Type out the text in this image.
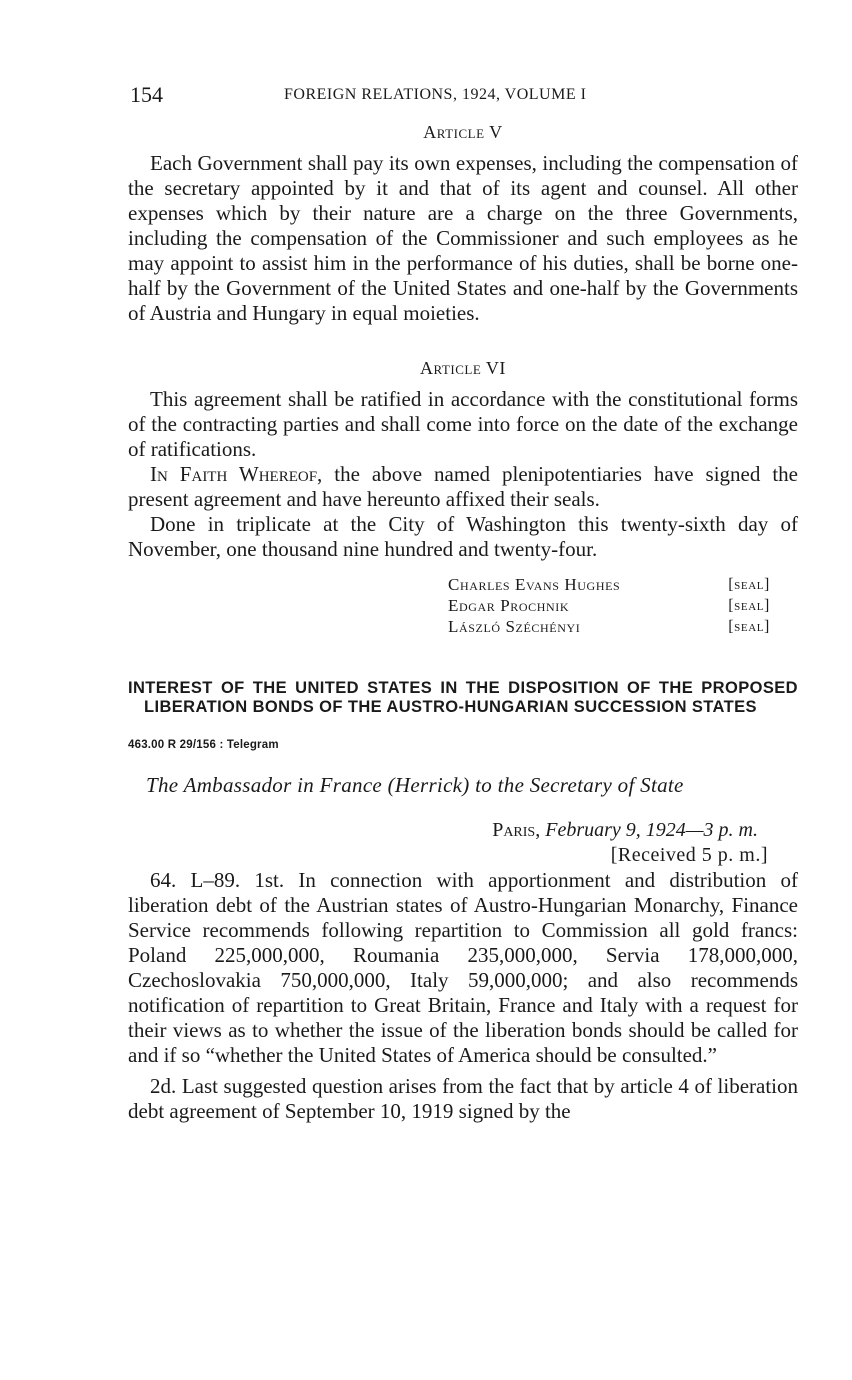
154	FOREIGN RELATIONS, 1924, VOLUME I
Article V

Each Government shall pay its own expenses, including the compensation of the secretary appointed by it and that of its agent and counsel. All other expenses which by their nature are a charge on the three Governments, including the compensation of the Commissioner and such employees as he may appoint to assist him in the performance of his duties, shall be borne one-half by the Government of the United States and one-half by the Governments of Austria and Hungary in equal moieties.

Article VI

This agreement shall be ratified in accordance with the constitutional forms of the contracting parties and shall come into force on the date of the exchange of ratifications.

In Faith Whereof, the above named plenipotentiaries have signed the present agreement and have hereunto affixed their seals.

Done in triplicate at the City of Washington this twenty-sixth day of November, one thousand nine hundred and twenty-four.

Charles Evans Hughes	[seal]
Edgar Prochnik	[seal]
László Széchényi	[seal]

INTEREST OF THE UNITED STATES IN THE DISPOSITION OF THE PROPOSED LIBERATION BONDS OF THE AUSTRO-HUNGARIAN SUCCESSION STATES

463.00 R 29/156 : Telegram
The Ambassador in France (Herrick) to the Secretary of State
Paris, February 9, 1924—3 p. m.
[Received 5 p. m.]

64. L–89. 1st. In connection with apportionment and distribution of liberation debt of the Austrian states of Austro-Hungarian Monarchy, Finance Service recommends following repartition to Commission all gold francs: Poland 225,000,000, Roumania 235,000,000, Servia 178,000,000, Czechoslovakia 750,000,000, Italy 59,000,000; and also recommends notification of repartition to Great Britain, France and Italy with a request for their views as to whether the issue of the liberation bonds should be called for and if so “whether the United States of America should be consulted.”

2d. Last suggested question arises from the fact that by article 4 of liberation debt agreement of September 10, 1919 signed by the
